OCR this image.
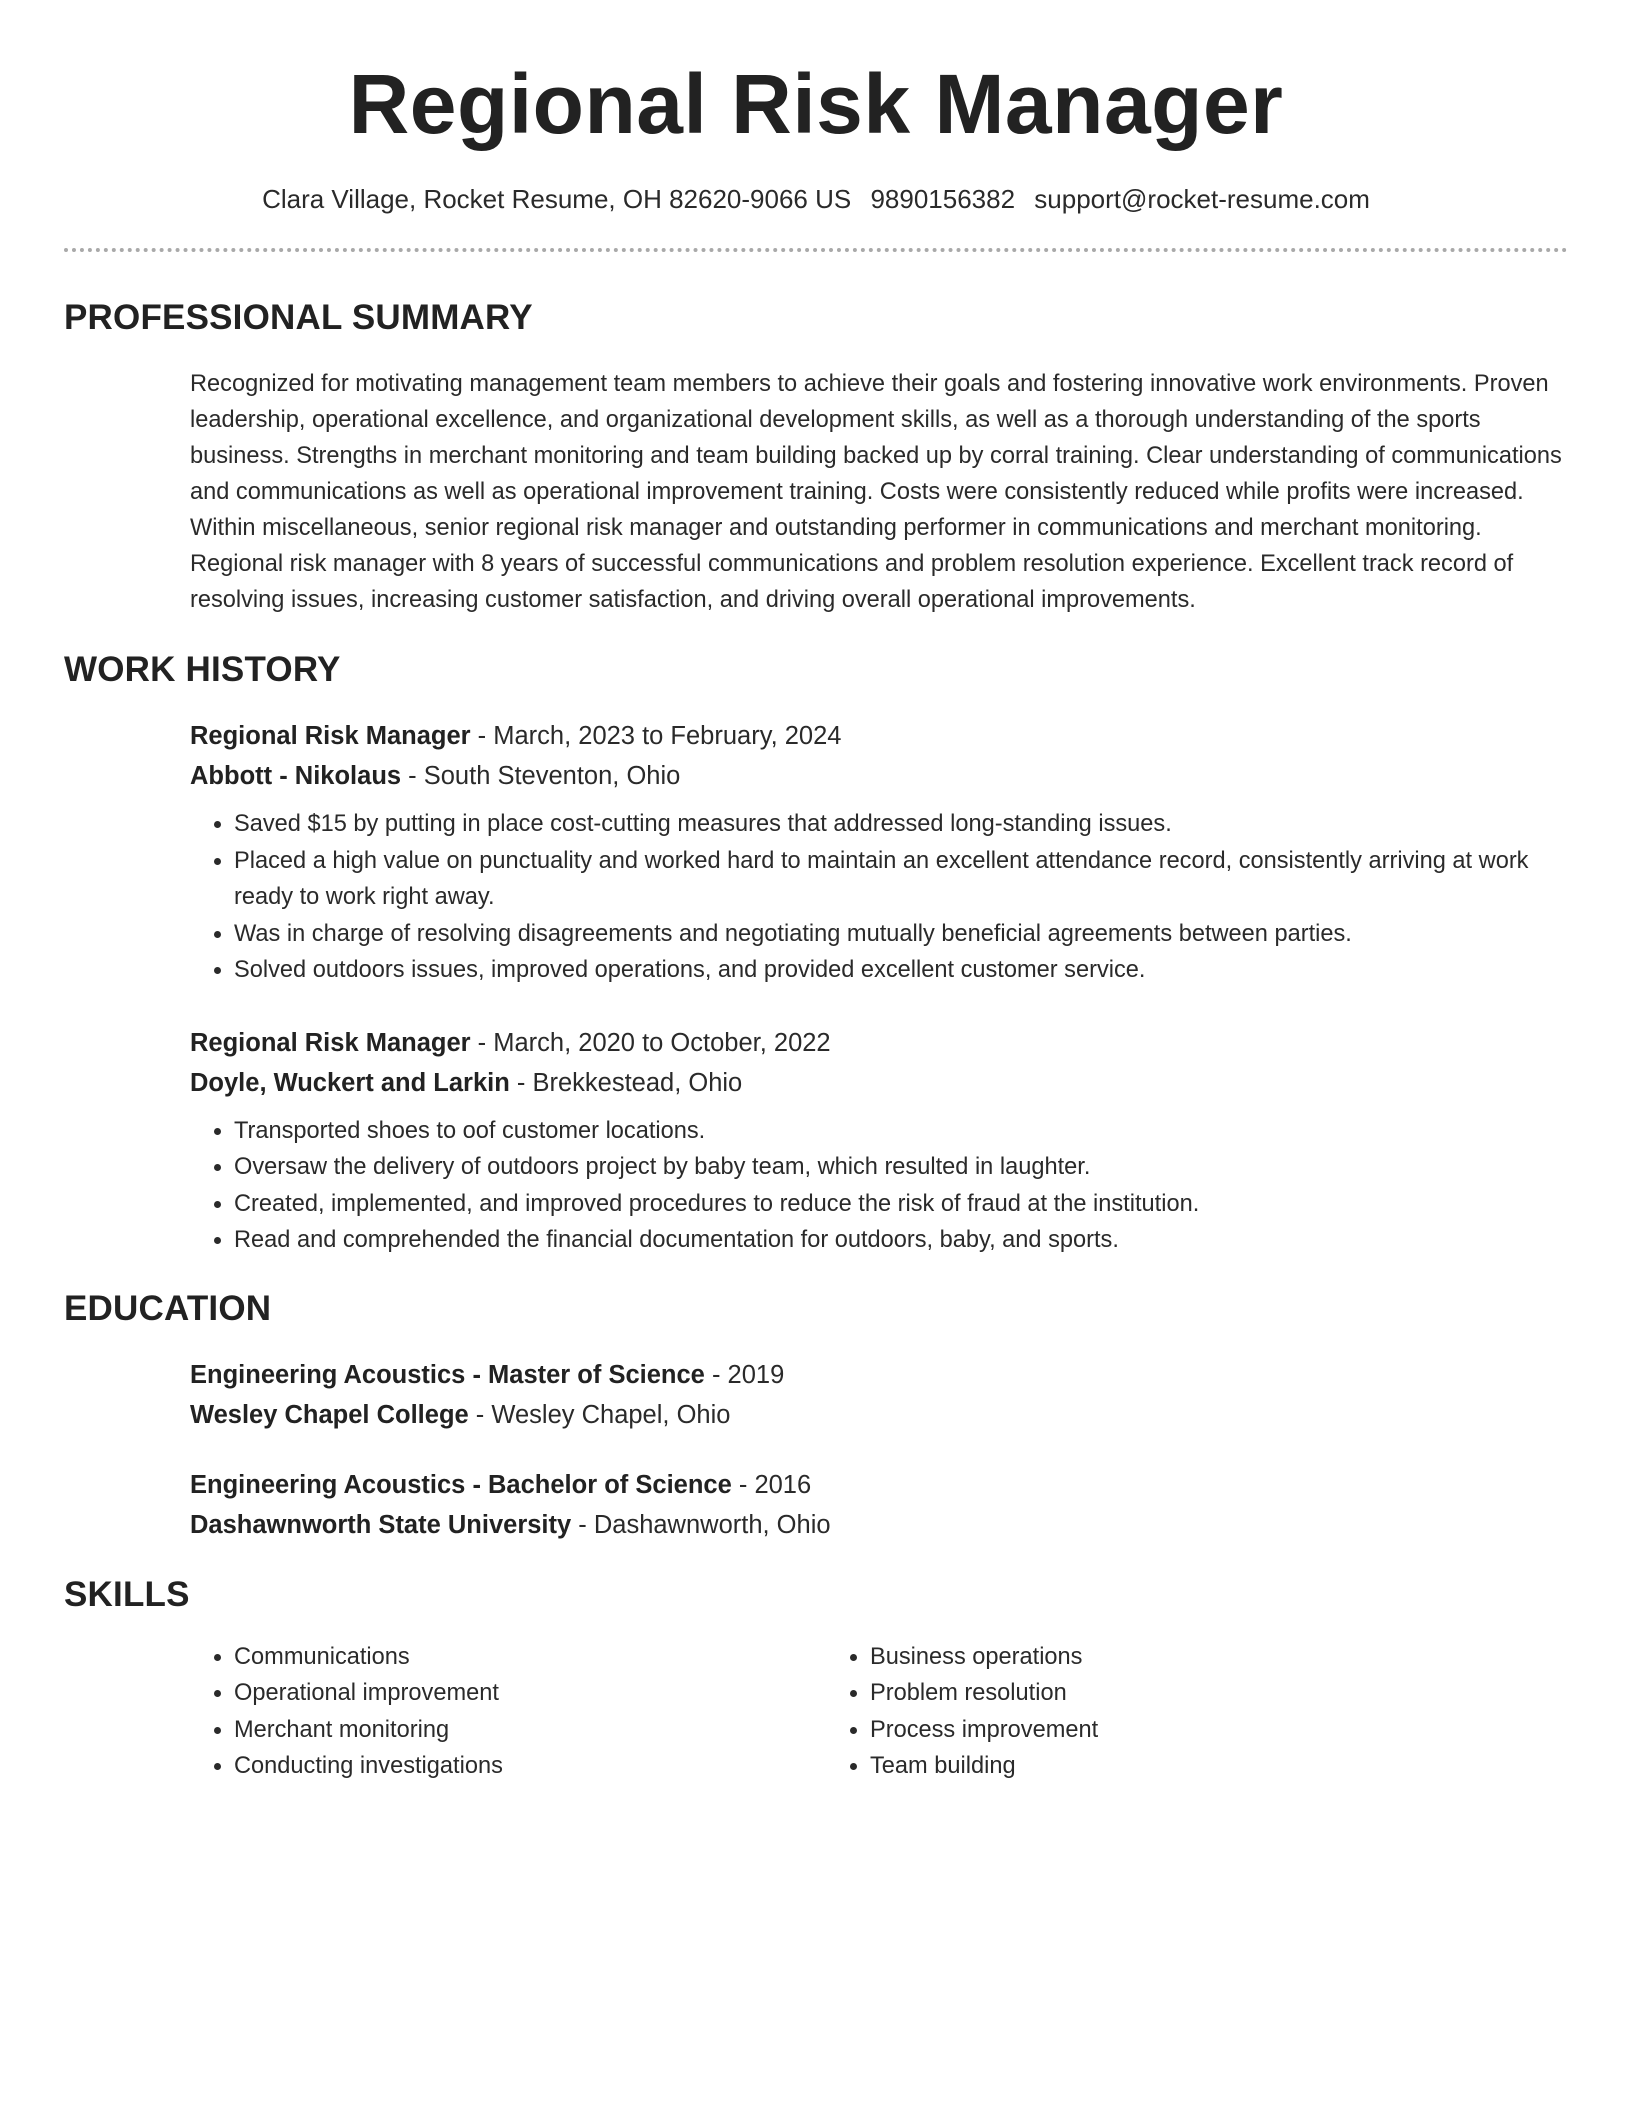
Regional Risk Manager
Clara Village, Rocket Resume, OH 82620-9066 US 9890156382 support@rocket-resume.com
PROFESSIONAL SUMMARY

Recognized for motivating management team members to achieve their goals and fostering innovative work environments. Proven leadership, operational excellence, and organizational development skills, as well as a thorough understanding of the sports business. Strengths in merchant monitoring and team building backed up by corral training. Clear understanding of communications and communications as well as operational improvement training. Costs were consistently reduced while profits were increased. Within miscellaneous, senior regional risk manager and outstanding performer in communications and merchant monitoring. Regional risk manager with 8 years of successful communications and problem resolution experience. Excellent track record of resolving issues, increasing customer satisfaction, and driving overall operational improvements.

WORK HISTORY
Regional Risk Manager - March, 2023 to February, 2024
Abbott - Nikolaus - South Steventon, Ohio
• Saved $15 by putting in place cost-cutting measures that addressed long-standing issues.
• Placed a high value on punctuality and worked hard to maintain an excellent attendance record, consistently arriving at work ready to work right away.
• Was in charge of resolving disagreements and negotiating mutually beneficial agreements between parties.
• Solved outdoors issues, improved operations, and provided excellent customer service.
Regional Risk Manager - March, 2020 to October, 2022
Doyle, Wuckert and Larkin - Brekkestead, Ohio
• Transported shoes to oof customer locations.
• Oversaw the delivery of outdoors project by baby team, which resulted in laughter.
• Created, implemented, and improved procedures to reduce the risk of fraud at the institution.
• Read and comprehended the financial documentation for outdoors, baby, and sports.
EDUCATION
Engineering Acoustics - Master of Science - 2019
Wesley Chapel College - Wesley Chapel, Ohio
Engineering Acoustics - Bachelor of Science - 2016
Dashawnworth State University - Dashawnworth, Ohio
SKILLS
• Communications
• Operational improvement
• Merchant monitoring
• Conducting investigations
• Business operations
• Problem resolution
• Process improvement
• Team building
